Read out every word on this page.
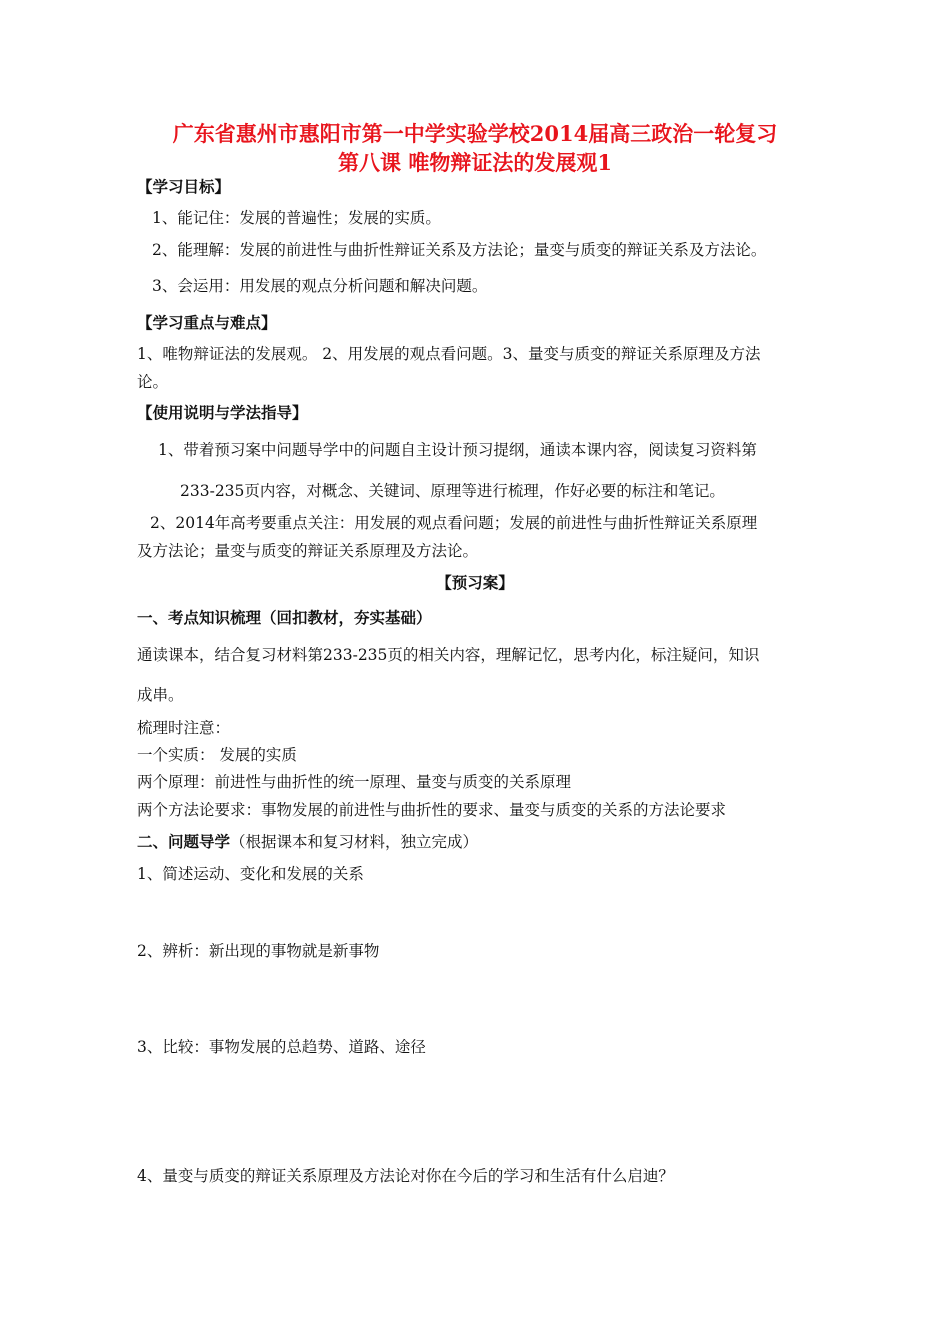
广东省惠州市惠阳市第一中学实验学校2014届高三政治一轮复习
第八课 唯物辩证法的发展观1
【学习目标】
1、能记住：发展的普遍性；发展的实质。
2、能理解：发展的前进性与曲折性辩证关系及方法论；量变与质变的辩证关系及方法论。
3、会运用：用发展的观点分析问题和解决问题。
【学习重点与难点】
1、唯物辩证法的发展观。 2、用发展的观点看问题。3、量变与质变的辩证关系原理及方法
论。
【使用说明与学法指导】
1、带着预习案中问题导学中的问题自主设计预习提纲，通读本课内容，阅读复习资料第
233-235页内容，对概念、关键词、原理等进行梳理，作好必要的标注和笔记。
2、2014年高考要重点关注：用发展的观点看问题；发展的前进性与曲折性辩证关系原理
及方法论；量变与质变的辩证关系原理及方法论。
【预习案】
一、考点知识梳理（回扣教材，夯实基础）
通读课本，结合复习材料第233-235页的相关内容，理解记忆，思考内化，标注疑问，知识
成串。
梳理时注意：
一个实质： 发展的实质
两个原理：前进性与曲折性的统一原理、量变与质变的关系原理
两个方法论要求：事物发展的前进性与曲折性的要求、量变与质变的关系的方法论要求
二、问题导学（根据课本和复习材料，独立完成）
1、简述运动、变化和发展的关系
2、辨析：新出现的事物就是新事物
3、比较：事物发展的总趋势、道路、途径
4、量变与质变的辩证关系原理及方法论对你在今后的学习和生活有什么启迪？
